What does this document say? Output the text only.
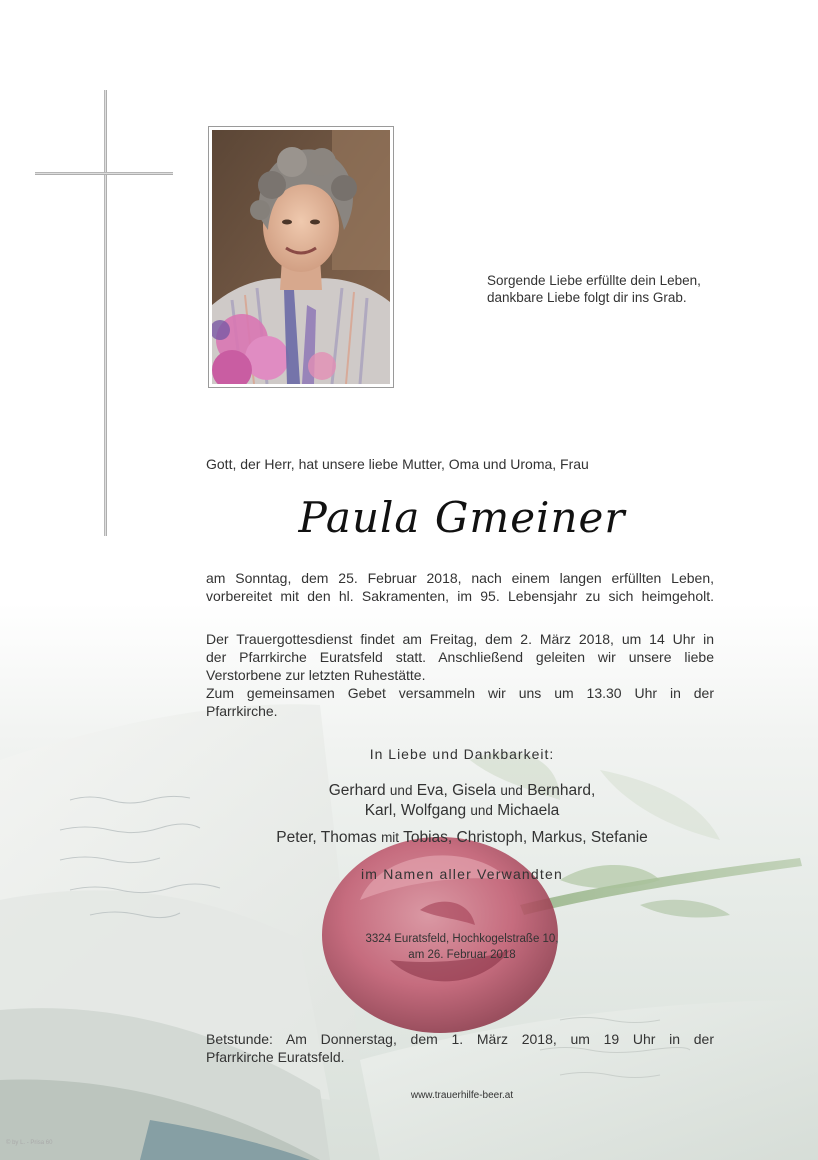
Sorgende Liebe erfüllte dein Leben,
dankbare Liebe folgt dir ins Grab.
Gott, der Herr, hat unsere liebe Mutter, Oma und Uroma, Frau
Paula Gmeiner
am Sonntag, dem 25. Februar 2018, nach einem langen erfüllten Leben,
vorbereitet mit den hl. Sakramenten, im 95. Lebensjahr zu sich heimgeholt.
Der Trauergottesdienst findet am Freitag, dem 2. März 2018, um 14 Uhr in
der Pfarrkirche Euratsfeld statt. Anschließend geleiten wir unsere liebe
Verstorbene zur letzten Ruhestätte.
Zum gemeinsamen Gebet versammeln wir uns um 13.30 Uhr in der
Pfarrkirche.
In Liebe und Dankbarkeit:
Gerhard und Eva, Gisela und Bernhard,
Karl, Wolfgang und Michaela
Peter, Thomas mit Tobias, Christoph, Markus, Stefanie
im Namen aller Verwandten
3324 Euratsfeld, Hochkogelstraße 10,
am 26. Februar 2018
Betstunde: Am Donnerstag, dem 1. März 2018, um 19 Uhr in der
Pfarrkirche Euratsfeld.
www.trauerhilfe-beer.at
© by L. - Prisa 60
